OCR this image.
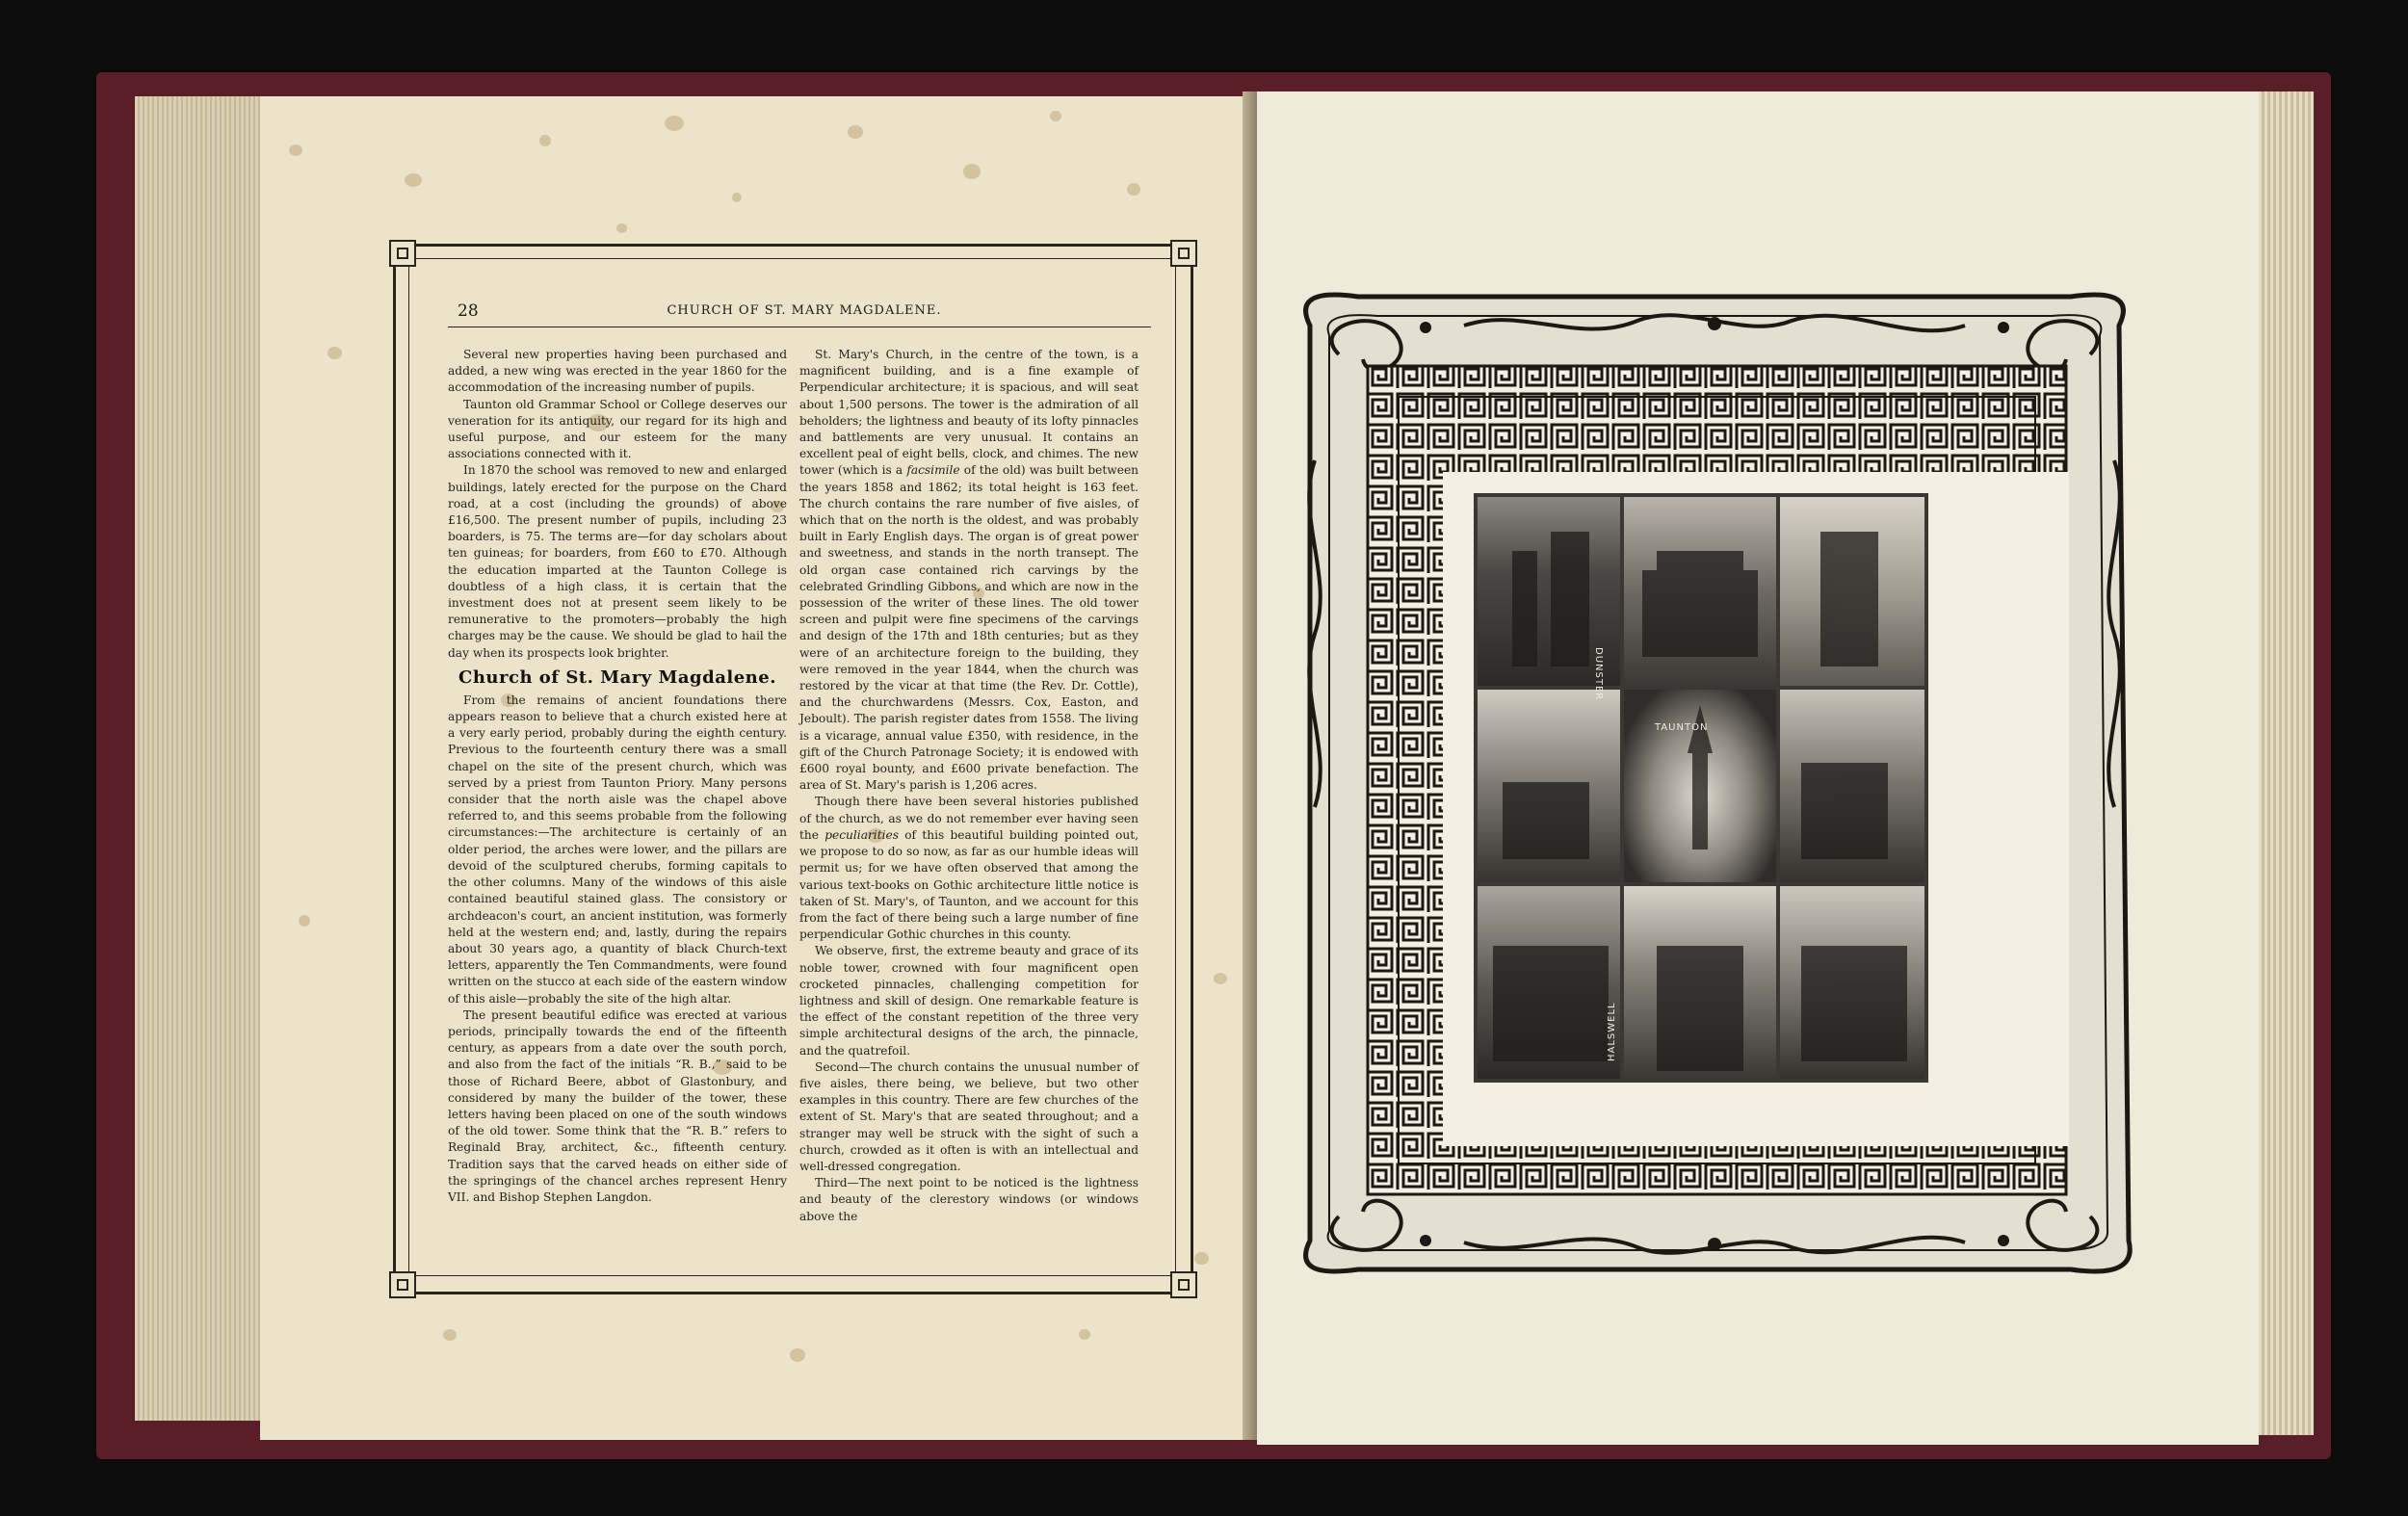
28	CHURCH OF ST. MARY MAGDALENE.

Several new properties having been purchased and added, a new wing was erected in the year 1860 for the accommodation of the increasing number of pupils.

Taunton old Grammar School or College deserves our veneration for its antiquity, our regard for its high and useful purpose, and our esteem for the many associations connected with it.

In 1870 the school was removed to new and enlarged buildings, lately erected for the purpose on the Chard road, at a cost (including the grounds) of above £16,500. The present number of pupils, including 23 boarders, is 75. The terms are—for day scholars about ten guineas; for boarders, from £60 to £70. Although the education imparted at the Taunton College is doubtless of a high class, it is certain that the investment does not at present seem likely to be remunerative to the promoters—probably the high charges may be the cause. We should be glad to hail the day when its prospects look brighter.

Church of St. Mary Magdalene.

From the remains of ancient foundations there appears reason to believe that a church existed here at a very early period, probably during the eighth century. Previous to the fourteenth century there was a small chapel on the site of the present church, which was served by a priest from Taunton Priory. Many persons consider that the north aisle was the chapel above referred to, and this seems probable from the following circumstances:—The architecture is certainly of an older period, the arches were lower, and the pillars are devoid of the sculptured cherubs, forming capitals to the other columns. Many of the windows of this aisle contained beautiful stained glass. The consistory or archdeacon's court, an ancient institution, was formerly held at the western end; and, lastly, during the repairs about 30 years ago, a quantity of black Church-text letters, apparently the Ten Commandments, were found written on the stucco at each side of the eastern window of this aisle—probably the site of the high altar.

The present beautiful edifice was erected at various periods, principally towards the end of the fifteenth century, as appears from a date over the south porch, and also from the fact of the initials “R. B.,” said to be those of Richard Beere, abbot of Glastonbury, and considered by many the builder of the tower, these letters having been placed on one of the south windows of the old tower. Some think that the “R. B.” refers to Reginald Bray, architect, &c., fifteenth century. Tradition says that the carved heads on either side of the springings of the chancel arches represent Henry VII. and Bishop Stephen Langdon.

St. Mary's Church, in the centre of the town, is a magnificent building, and is a fine example of Perpendicular architecture; it is spacious, and will seat about 1,500 persons. The tower is the admiration of all beholders; the lightness and beauty of its lofty pinnacles and battlements are very unusual. It contains an excellent peal of eight bells, clock, and chimes. The new tower (which is a facsimile of the old) was built between the years 1858 and 1862; its total height is 163 feet. The church contains the rare number of five aisles, of which that on the north is the oldest, and was probably built in Early English days. The organ is of great power and sweetness, and stands in the north transept. The old organ case contained rich carvings by the celebrated Grindling Gibbons, and which are now in the possession of the writer of these lines. The old tower screen and pulpit were fine specimens of the carvings and design of the 17th and 18th centuries; but as they were of an architecture foreign to the building, they were removed in the year 1844, when the church was restored by the vicar at that time (the Rev. Dr. Cottle), and the churchwardens (Messrs. Cox, Easton, and Jeboult). The parish register dates from 1558. The living is a vicarage, annual value £350, with residence, in the gift of the Church Patronage Society; it is endowed with £600 royal bounty, and £600 private benefaction. The area of St. Mary's parish is 1,206 acres.

Though there have been several histories published of the church, as we do not remember ever having seen the peculiarities of this beautiful building pointed out, we propose to do so now, as far as our humble ideas will permit us; for we have often observed that among the various text-books on Gothic architecture little notice is taken of St. Mary's, of Taunton, and we account for this from the fact of there being such a large number of fine perpendicular Gothic churches in this county.

We observe, first, the extreme beauty and grace of its noble tower, crowned with four magnificent open crocketed pinnacles, challenging competition for lightness and skill of design. One remarkable feature is the effect of the constant repetition of the three very simple architectural designs of the arch, the pinnacle, and the quatrefoil.

Second—The church contains the unusual number of five aisles, there being, we believe, but two other examples in this country. There are few churches of the extent of St. Mary's that are seated throughout; and a stranger may well be struck with the sight of such a church, crowded as it often is with an intellectual and well-dressed congregation.

Third—The next point to be noticed is the lightness and beauty of the clerestory windows (or windows above the

DUNSTER
TAUNTON
HALSWELL
